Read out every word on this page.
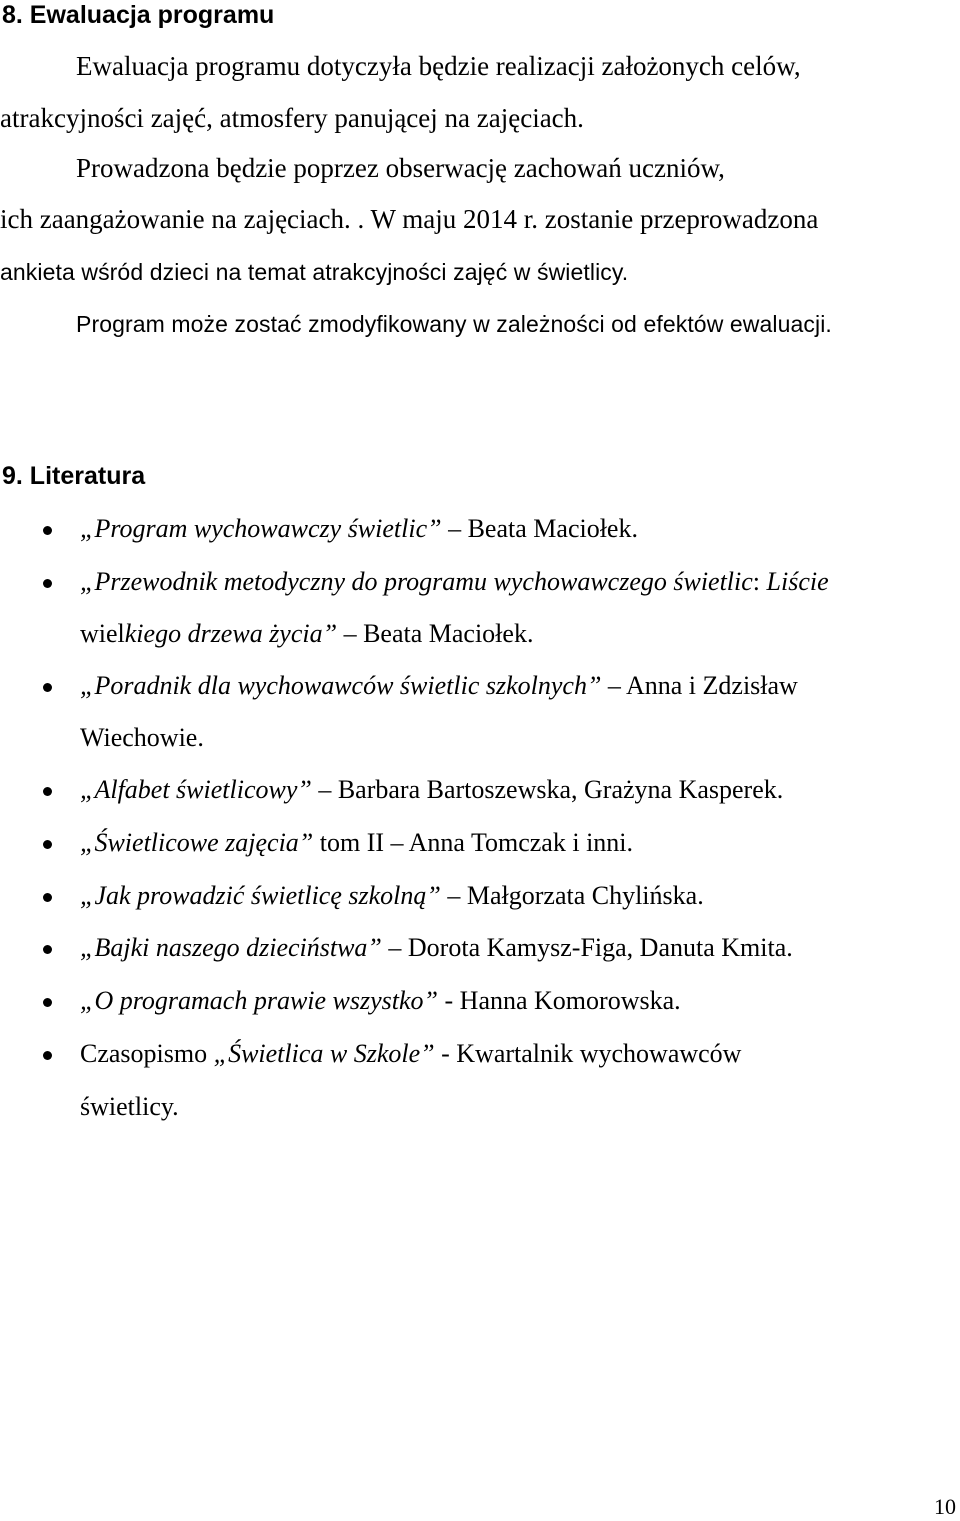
8. Ewaluacja programu
Ewaluacja programu dotyczyła będzie realizacji założonych celów,
atrakcyjności zajęć, atmosfery panującej na zajęciach.
Prowadzona będzie poprzez obserwację zachowań uczniów,
ich zaangażowanie na zajęciach. . W maju 2014 r. zostanie przeprowadzona
ankieta wśród dzieci na temat atrakcyjności zajęć w świetlicy.
Program może zostać zmodyfikowany w zależności od efektów ewaluacji.
9. Literatura
„Program wychowawczy świetlic” – Beata Maciołek.
„Przewodnik metodyczny do programu wychowawczego świetlic: Liście
wielkiego drzewa życia” – Beata Maciołek.
„Poradnik dla wychowawców świetlic szkolnych” – Anna i Zdzisław
Wiechowie.
„Alfabet świetlicowy” – Barbara Bartoszewska, Grażyna Kasperek.
„Świetlicowe zajęcia” tom II – Anna Tomczak i inni.
„Jak prowadzić świetlicę szkolną” – Małgorzata Chylińska.
„Bajki naszego dzieciństwa” – Dorota Kamysz-Figa, Danuta Kmita.
„O programach prawie wszystko” - Hanna Komorowska.
Czasopismo „Świetlica w Szkole” - Kwartalnik wychowawców
świetlicy.
10
